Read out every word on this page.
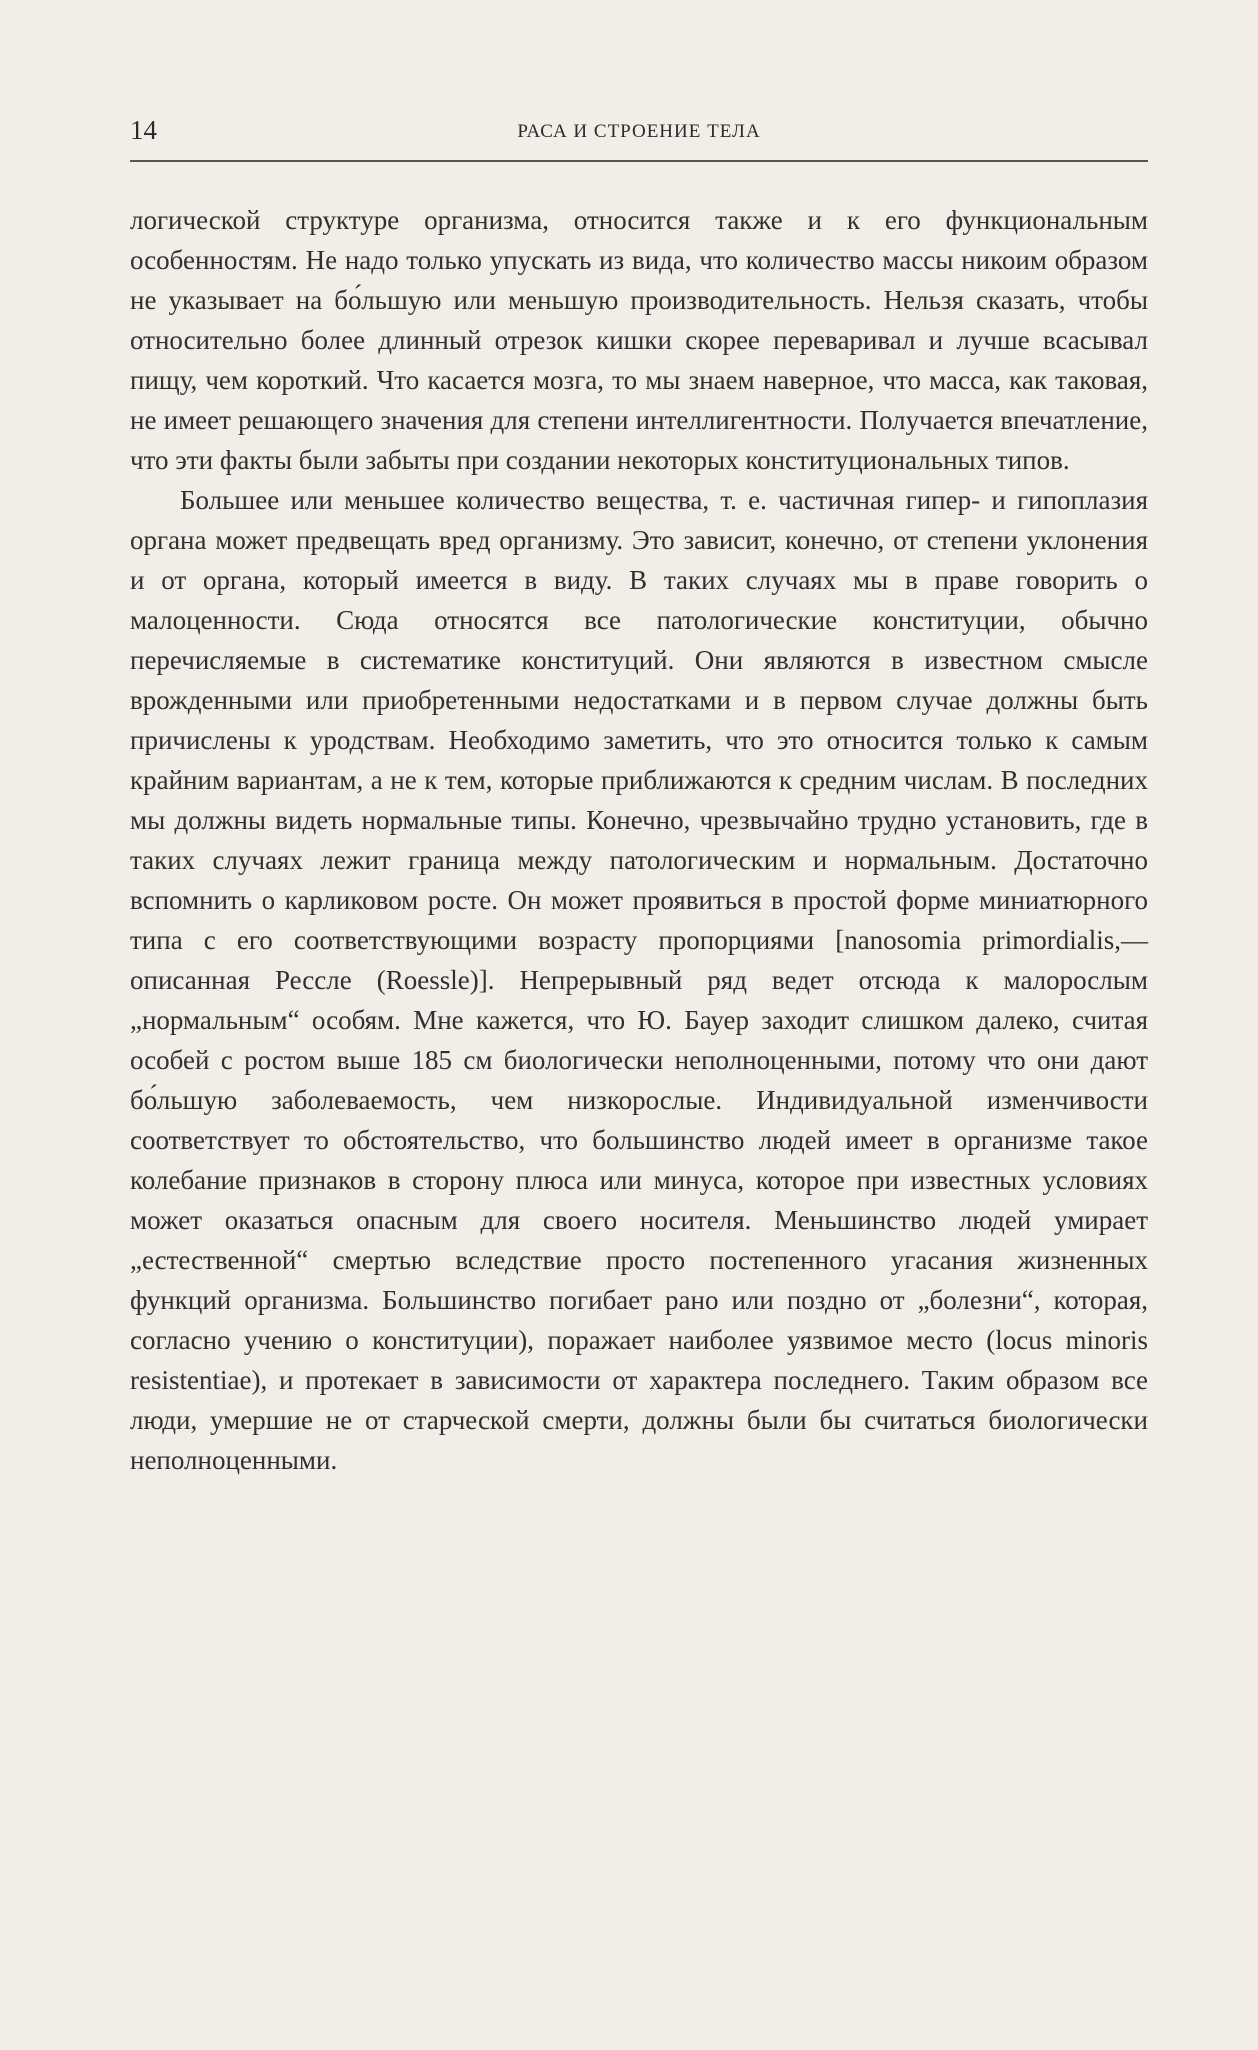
14	РАСА И СТРОЕНИЕ ТЕЛА

логической структуре организма, относится также и к его функциональным особенностям. Не надо только упускать из вида, что количество массы никоим образом не указывает на бо́льшую или меньшую производительность. Нельзя сказать, чтобы относительно более длинный отрезок кишки скорее переваривал и лучше всасывал пищу, чем короткий. Что касается мозга, то мы знаем наверное, что масса, как таковая, не имеет решающего значения для степени интеллигентности. Получается впечатление, что эти факты были забыты при создании некоторых конституциональных типов.

Большее или меньшее количество вещества, т. е. частичная гипер- и гипоплазия органа может предвещать вред организму. Это зависит, конечно, от степени уклонения и от органа, который имеется в виду. В таких случаях мы в праве говорить о малоценности. Сюда относятся все патологические конституции, обычно перечисляемые в систематике конституций. Они являются в известном смысле врожденными или приобретенными недостатками и в первом случае должны быть причислены к уродствам. Необходимо заметить, что это относится только к самым крайним вариантам, а не к тем, которые приближаются к средним числам. В последних мы должны видеть нормальные типы. Конечно, чрезвычайно трудно установить, где в таких случаях лежит граница между патологическим и нормальным. Достаточно вспомнить о карликовом росте. Он может проявиться в простой форме миниатюрного типа с его соответствующими возрасту пропорциями [nanosomia primordialis,— описанная Рессле (Roessle)]. Непрерывный ряд ведет отсюда к малорослым „нормальным“ особям. Мне кажется, что Ю. Бауер заходит слишком далеко, считая особей с ростом выше 185 см биологически неполноценными, потому что они дают бо́льшую заболеваемость, чем низкорослые. Индивидуальной изменчивости соответствует то обстоятельство, что большинство людей имеет в организме такое колебание признаков в сторону плюса или минуса, которое при известных условиях может оказаться опасным для своего носителя. Меньшинство людей умирает „естественной“ смертью вследствие просто постепенного угасания жизненных функций организма. Большинство погибает рано или поздно от „болезни“, которая, согласно учению о конституции), поражает наиболее уязвимое место (locus minoris resistentiae), и протекает в зависимости от характера последнего. Таким образом все люди, умершие не от старческой смерти, должны были бы считаться биологически неполноценными.
